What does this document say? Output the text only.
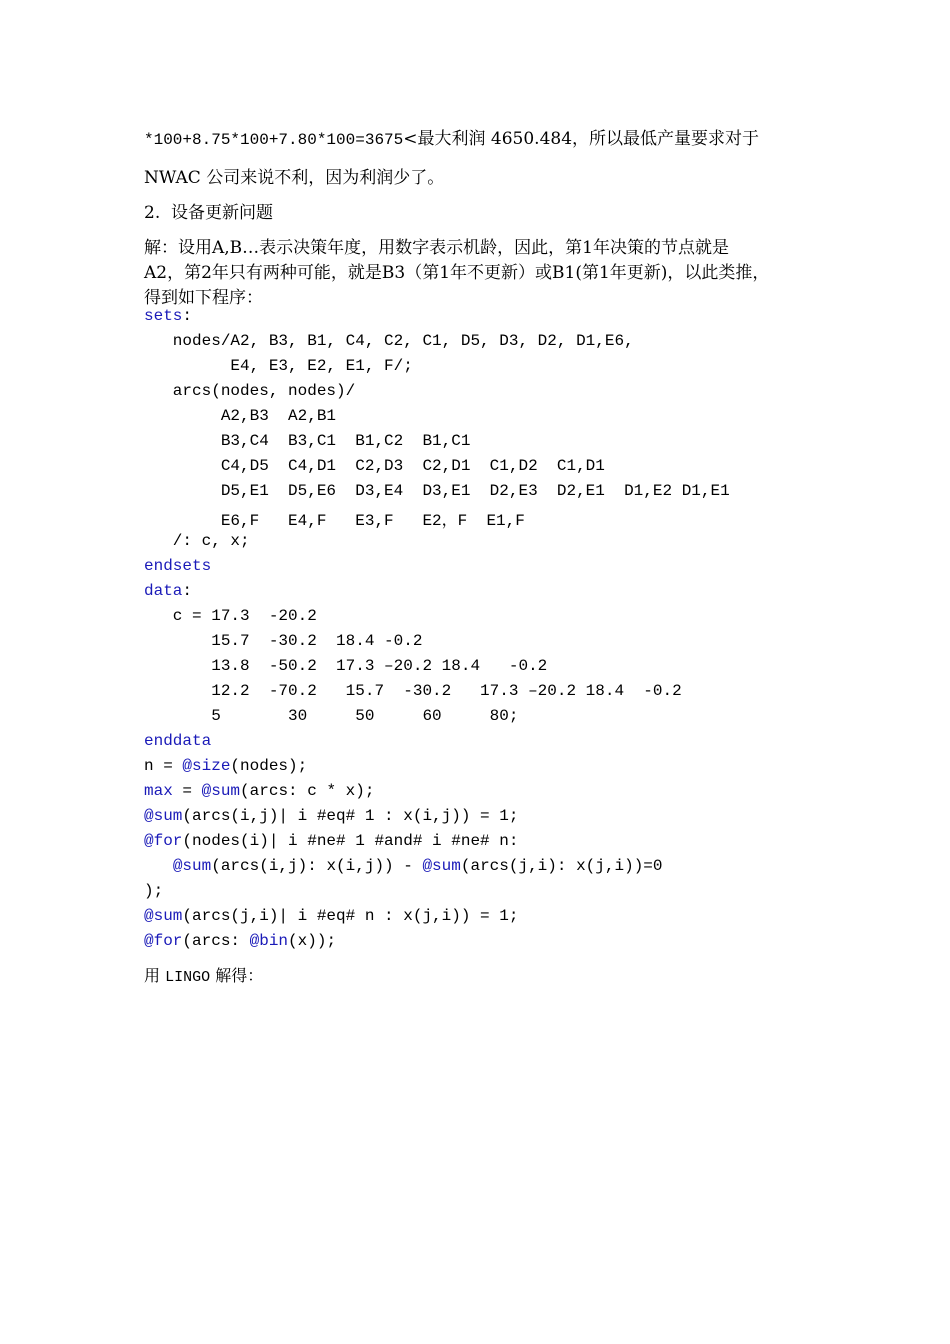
*100+8.75*100+7.80*100=3675<最大利润 4650.484，所以最低产量要求对于
NWAC 公司来说不利，因为利润少了。
2.  设备更新问题
解：设用A,B…表示决策年度，用数字表示机龄，因此，第1年决策的节点就是
A2，第2年只有两种可能，就是B3（第1年不更新）或B1(第1年更新)，以此类推，
得到如下程序：
sets:
nodes/A2, B3, B1, C4, C2, C1, D5, D3, D2, D1,E6,
E4, E3, E2, E1, F/;
arcs(nodes, nodes)/
A2,B3  A2,B1
B3,C4  B3,C1  B1,C2  B1,C1
C4,D5  C4,D1  C2,D3  C2,D1  C1,D2  C1,D1
D5,E1  D5,E6  D3,E4  D3,E1  D2,E3  D2,E1  D1,E2 D1,E1
E6,F   E4,F   E3,F   E2，F  E1,F
/: c, x;
endsets
data:
c = 17.3  -20.2
15.7  -30.2  18.4 -0.2
13.8  -50.2  17.3 –20.2 18.4   -0.2
12.2  -70.2   15.7  -30.2   17.3 –20.2 18.4  -0.2
5       30     50     60     80;
enddata
n = @size(nodes);
max = @sum(arcs: c * x);
@sum(arcs(i,j)| i #eq# 1 : x(i,j)) = 1;
@for(nodes(i)| i #ne# 1 #and# i #ne# n:
@sum(arcs(i,j): x(i,j)) - @sum(arcs(j,i): x(j,i))=0
);
@sum(arcs(j,i)| i #eq# n : x(j,i)) = 1;
@for(arcs: @bin(x));
用 LINGO 解得：
